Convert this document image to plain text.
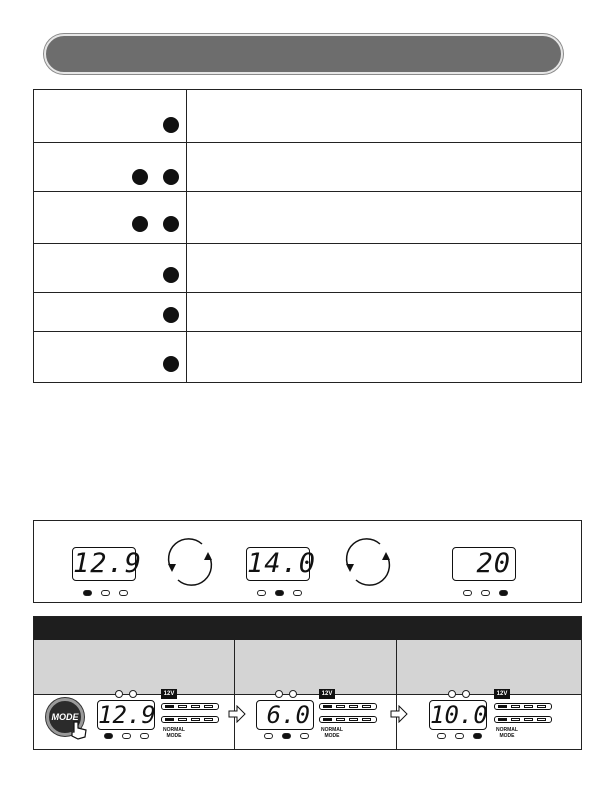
12.9	14.0	20
MODE 12.9
12V
NORMAL
MODE
6.0
12V
NORMAL
MODE
10.0
12V
NORMAL
MODE
